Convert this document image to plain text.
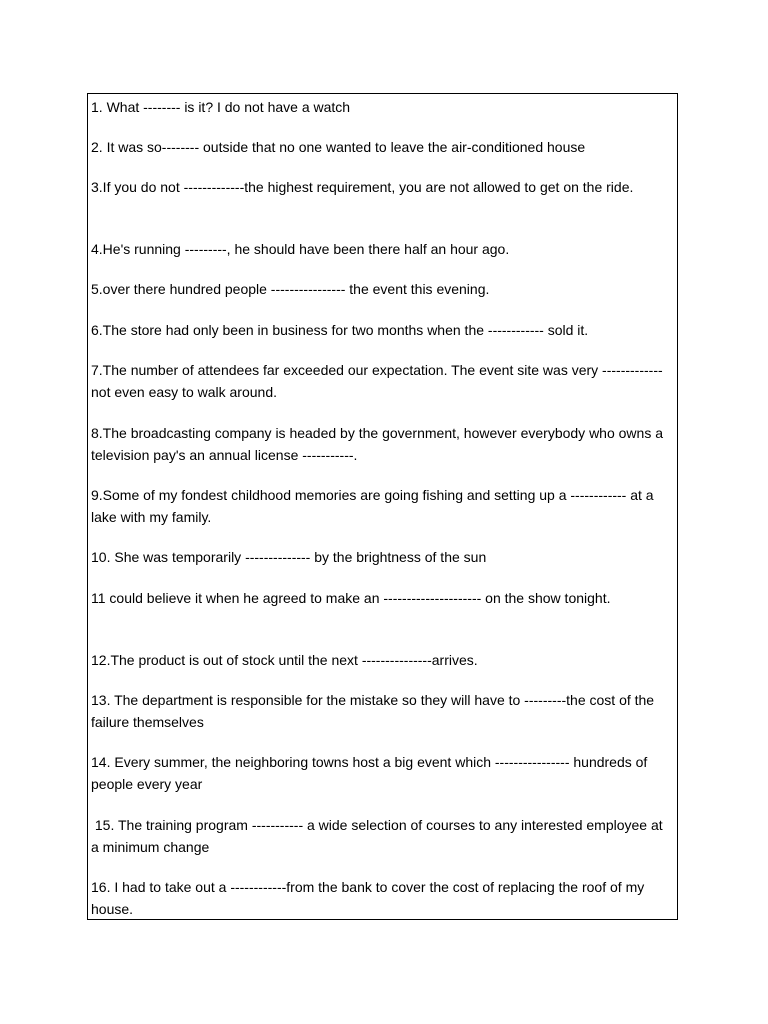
1. What -------- is it? I do not have a watch

2. It was so-------- outside that no one wanted to leave the air-conditioned house

3.If you do not -------------the highest requirement, you are not allowed to get on the ride.

4.He's running ---------, he should have been there half an hour ago.

5.over there hundred people ---------------- the event this evening.

6.The store had only been in business for two months when the ------------ sold it.

7.The number of attendees far exceeded our expectation. The event site was very ------------- not even easy to walk around.

8.The broadcasting company is headed by the government, however everybody who owns a television pay's an annual license -----------.

9.Some of my fondest childhood memories are going fishing and setting up a ------------ at a lake with my family.

10. She was temporarily -------------- by the brightness of the sun

11 could believe it when he agreed to make an --------------------- on the show tonight.

12.The product is out of stock until the next ---------------arrives.

13. The department is responsible for the mistake so they will have to ---------the cost of the failure themselves

14. Every summer, the neighboring towns host a big event which ---------------- hundreds of people every year

15. The training program ----------- a wide selection of courses to any interested employee at a minimum change

16. I had to take out a ------------from the bank to cover the cost of replacing the roof of my house.
